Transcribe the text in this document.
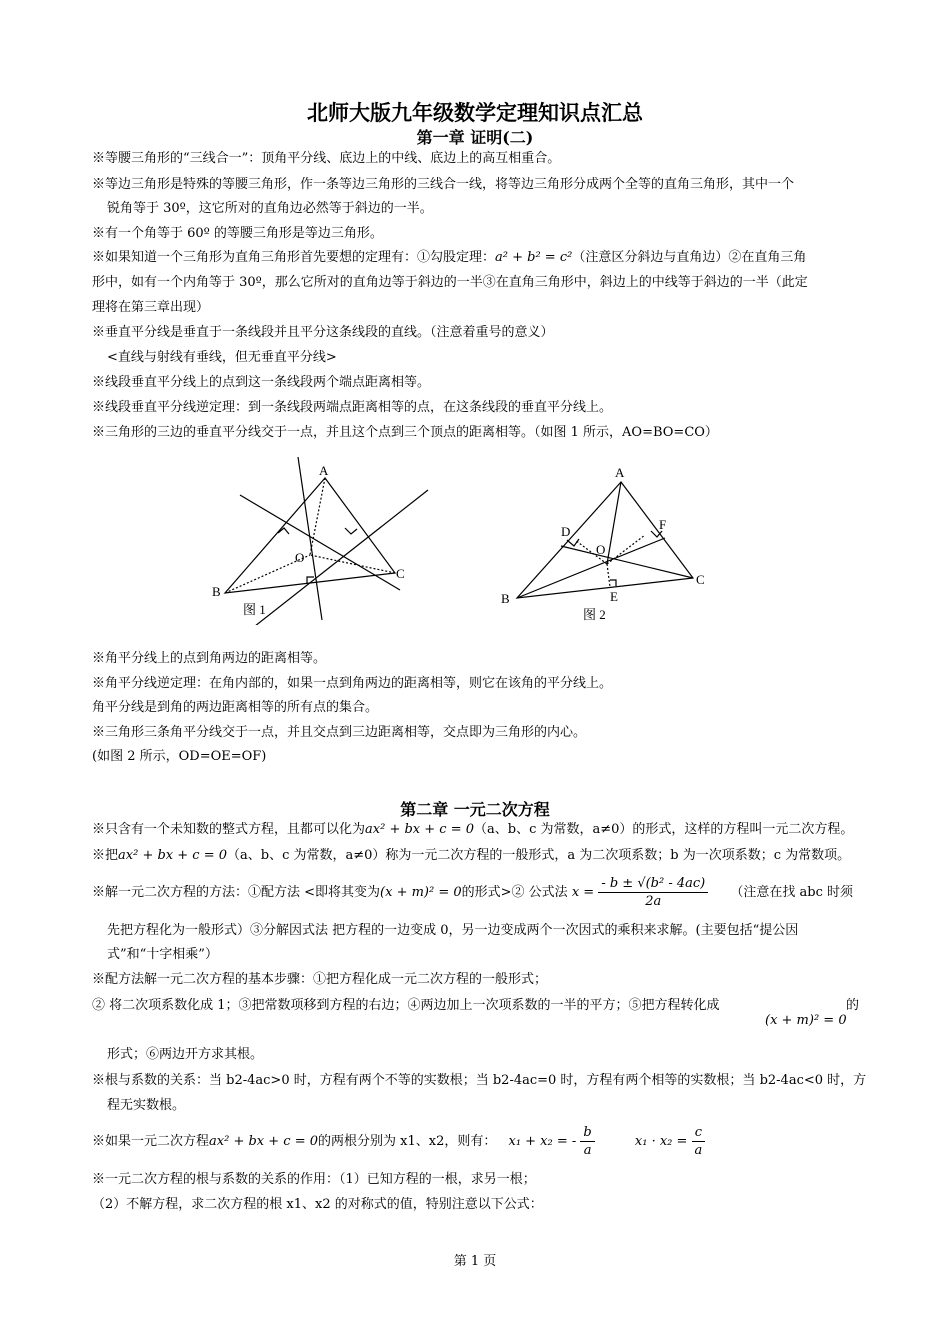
北师大版九年级数学定理知识点汇总
第一章 证明(二)
※等腰三角形的“三线合一”：顶角平分线、底边上的中线、底边上的高互相重合。
※等边三角形是特殊的等腰三角形，作一条等边三角形的三线合一线，将等边三角形分成两个全等的直角三角形，其中一个
锐角等于 30º，这它所对的直角边必然等于斜边的一半。
※有一个角等于 60º 的等腰三角形是等边三角形。
※如果知道一个三角形为直角三角形首先要想的定理有：①勾股定理：a² + b² = c²（注意区分斜边与直角边）②在直角三角
形中，如有一个内角等于 30º，那么它所对的直角边等于斜边的一半③在直角三角形中，斜边上的中线等于斜边的一半（此定
理将在第三章出现）
※垂直平分线是垂直于一条线段并且平分这条线段的直线。（注意着重号的意义）
<直线与射线有垂线，但无垂直平分线>
※线段垂直平分线上的点到这一条线段两个端点距离相等。
※线段垂直平分线逆定理：到一条线段两端点距离相等的点，在这条线段的垂直平分线上。
※三角形的三边的垂直平分线交于一点，并且这个点到三个顶点的距离相等。（如图 1 所示，AO=BO=CO）
A
B
C
O
图 1
A
B
C
D
E
F
O
图 2
※角平分线上的点到角两边的距离相等。
※角平分线逆定理：在角内部的，如果一点到角两边的距离相等，则它在该角的平分线上。
角平分线是到角的两边距离相等的所有点的集合。
※三角形三条角平分线交于一点，并且交点到三边距离相等，交点即为三角形的内心。
(如图 2 所示，OD=OE=OF)
第二章 一元二次方程
※只含有一个未知数的整式方程，且都可以化为ax² + bx + c = 0（a、b、c 为常数，a≠0）的形式，这样的方程叫一元二次方程。
※把ax² + bx + c = 0（a、b、c 为常数，a≠0）称为一元二次方程的一般形式，a 为二次项系数；b 为一次项系数；c 为常数项。
※解一元二次方程的方法：①配方法 <即将其变为(x + m)² = 0的形式>② 公式法 $x = \frac{\text{- b ± √(b² - 4ac)}}{2a}$ （注意在找 abc 时须
先把方程化为一般形式）③分解因式法 把方程的一边变成 0，另一边变成两个一次因式的乘积来求解。(主要包括“提公因
式”和“十字相乘”）
※配方法解一元二次方程的基本步骤：①把方程化成一元二次方程的一般形式；
② 将二次项系数化成 1；③把常数项移到方程的右边；④两边加上一次项系数的一半的平方；⑤把方程转化成	的
(x + m)² = 0
形式；⑥两边开方求其根。
※根与系数的关系：当 b2-4ac>0 时，方程有两个不等的实数根；当 b2-4ac=0 时，方程有两个相等的实数根；当 b2-4ac<0 时，方
程无实数根。
※如果一元二次方程ax² + bx + c = 0的两根分别为 x1、x2，则有： x₁ + x₂ = - $\frac{b}{a}$	$x_1 \cdot x_2 = \frac{c}{a}$
※一元二次方程的根与系数的关系的作用：（1）已知方程的一根，求另一根；
（2）不解方程，求二次方程的根 x1、x2 的对称式的值，特别注意以下公式：
第 1 页
